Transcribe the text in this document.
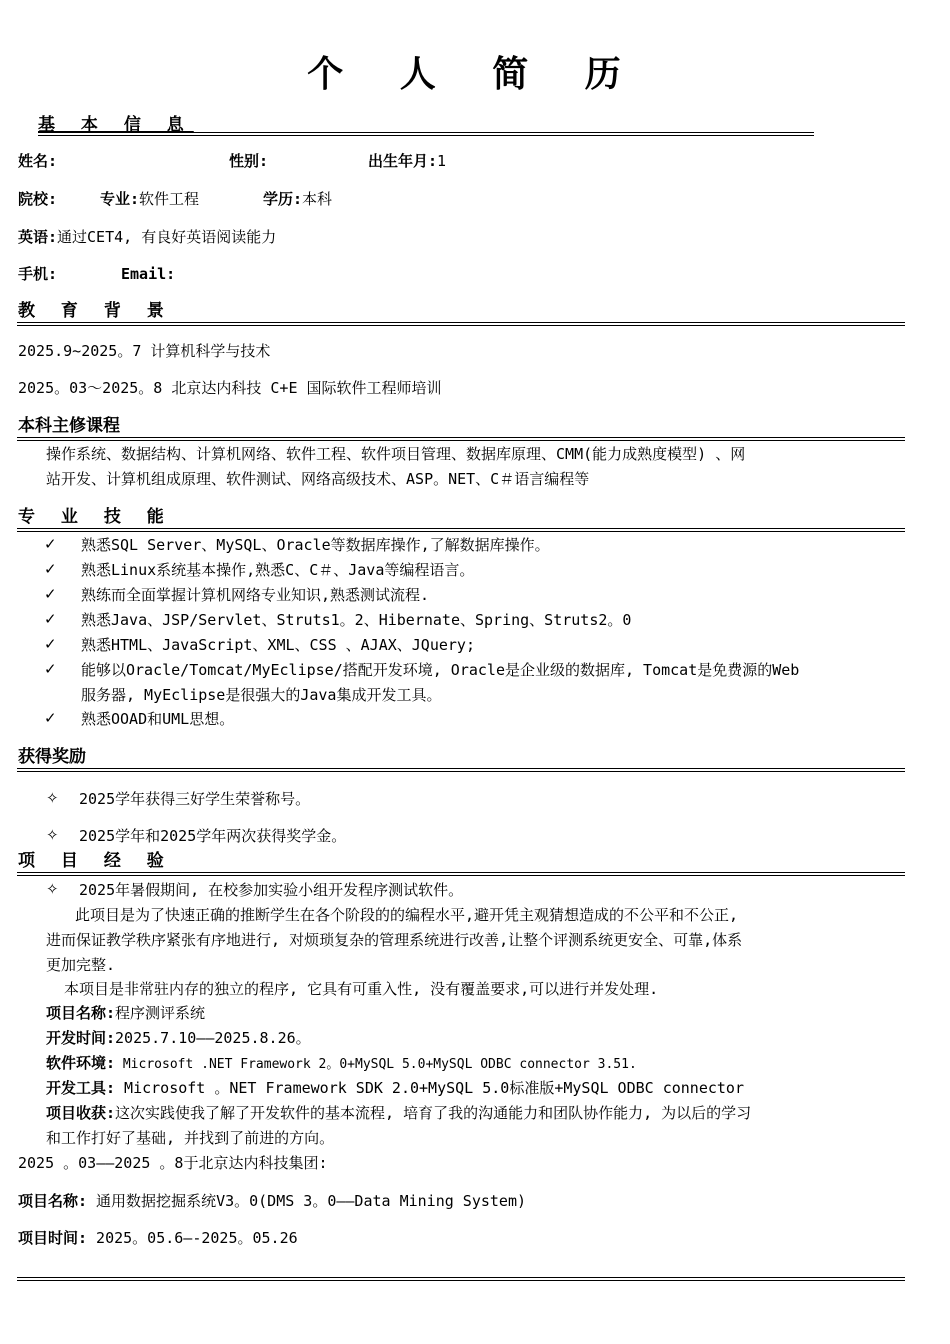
个 人 简 历
基 本 信 息
姓名:	性别:	出生年月:1
院校:	专业:软件工程	学历:本科
英语:通过CET4, 有良好英语阅读能力
手机:	Email:
教 育 背 景
2025.9~2025。7 计算机科学与技术
2025。03～2025。8 北京达内科技 C+E 国际软件工程师培训
本科主修课程
操作系统、数据结构、计算机网络、软件工程、软件项目管理、数据库原理、CMM(能力成熟度模型) 、网
站开发、计算机组成原理、软件测试、网络高级技术、ASP。NET、C＃语言编程等
专 业 技 能
✓ 熟悉SQL Server、MySQL、Oracle等数据库操作,了解数据库操作。
✓ 熟悉Linux系统基本操作,熟悉C、C＃、Java等编程语言。
✓ 熟练而全面掌握计算机网络专业知识,熟悉测试流程.
✓ 熟悉Java、JSP/Servlet、Struts1。2、Hibernate、Spring、Struts2。0
✓ 熟悉HTML、JavaScript、XML、CSS 、AJAX、JQuery;
✓ 能够以Oracle/Tomcat/MyEclipse/搭配开发环境, Oracle是企业级的数据库, Tomcat是免费源的Web
服务器, MyEclipse是很强大的Java集成开发工具。
✓ 熟悉OOAD和UML思想。
获得奖励
✧ 2025学年获得三好学生荣誉称号。
✧ 2025学年和2025学年两次获得奖学金。
项 目 经 验
✧ 2025年暑假期间, 在校参加实验小组开发程序测试软件。
此项目是为了快速正确的推断学生在各个阶段的的编程水平,避开凭主观猜想造成的不公平和不公正,
进而保证教学秩序紧张有序地进行, 对烦琐复杂的管理系统进行改善,让整个评测系统更安全、可靠,体系
更加完整.
本项目是非常驻内存的独立的程序, 它具有可重入性, 没有覆盖要求,可以进行并发处理.
项目名称:程序测评系统
开发时间:2025.7.10——2025.8.26。
软件环境: Microsoft .NET Framework 2。0+MySQL 5.0+MySQL ODBC connector 3.51.
开发工具: Microsoft 。NET Framework SDK 2.0+MySQL 5.0标准版+MySQL ODBC connector
项目收获:这次实践使我了解了开发软件的基本流程, 培育了我的沟通能力和团队协作能力, 为以后的学习
和工作打好了基础, 并找到了前进的方向。
2025 。03——2025 。8于北京达内科技集团:
项目名称: 通用数据挖掘系统V3。0(DMS 3。0——Data Mining System)
项目时间: 2025。05.6—-2025。05.26
